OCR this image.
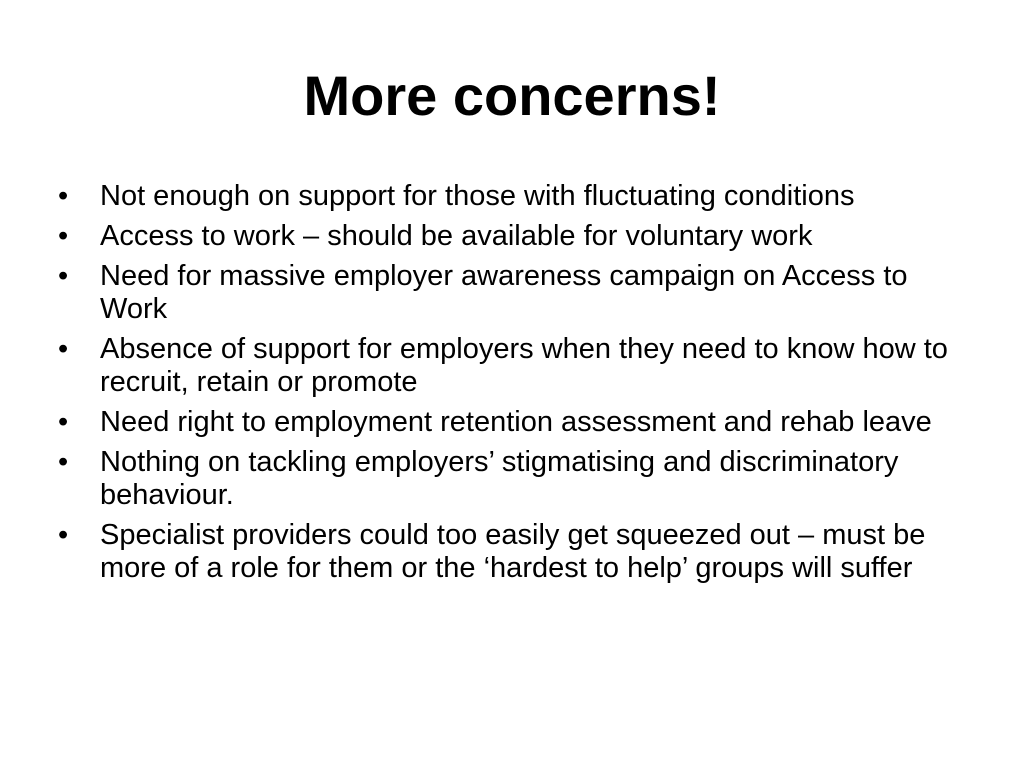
More concerns!
•	Not enough on support for those with fluctuating conditions
•	Access to work – should be available for voluntary work
•	Need for massive employer awareness campaign on Access to Work
•	Absence of support for employers when they need to know how to recruit, retain or promote
•	Need right to employment retention assessment and rehab leave
•	Nothing on tackling employers’ stigmatising and discriminatory behaviour.
•	Specialist providers could too easily get squeezed out – must be more of a role for them or the ‘hardest to help’ groups will suffer
